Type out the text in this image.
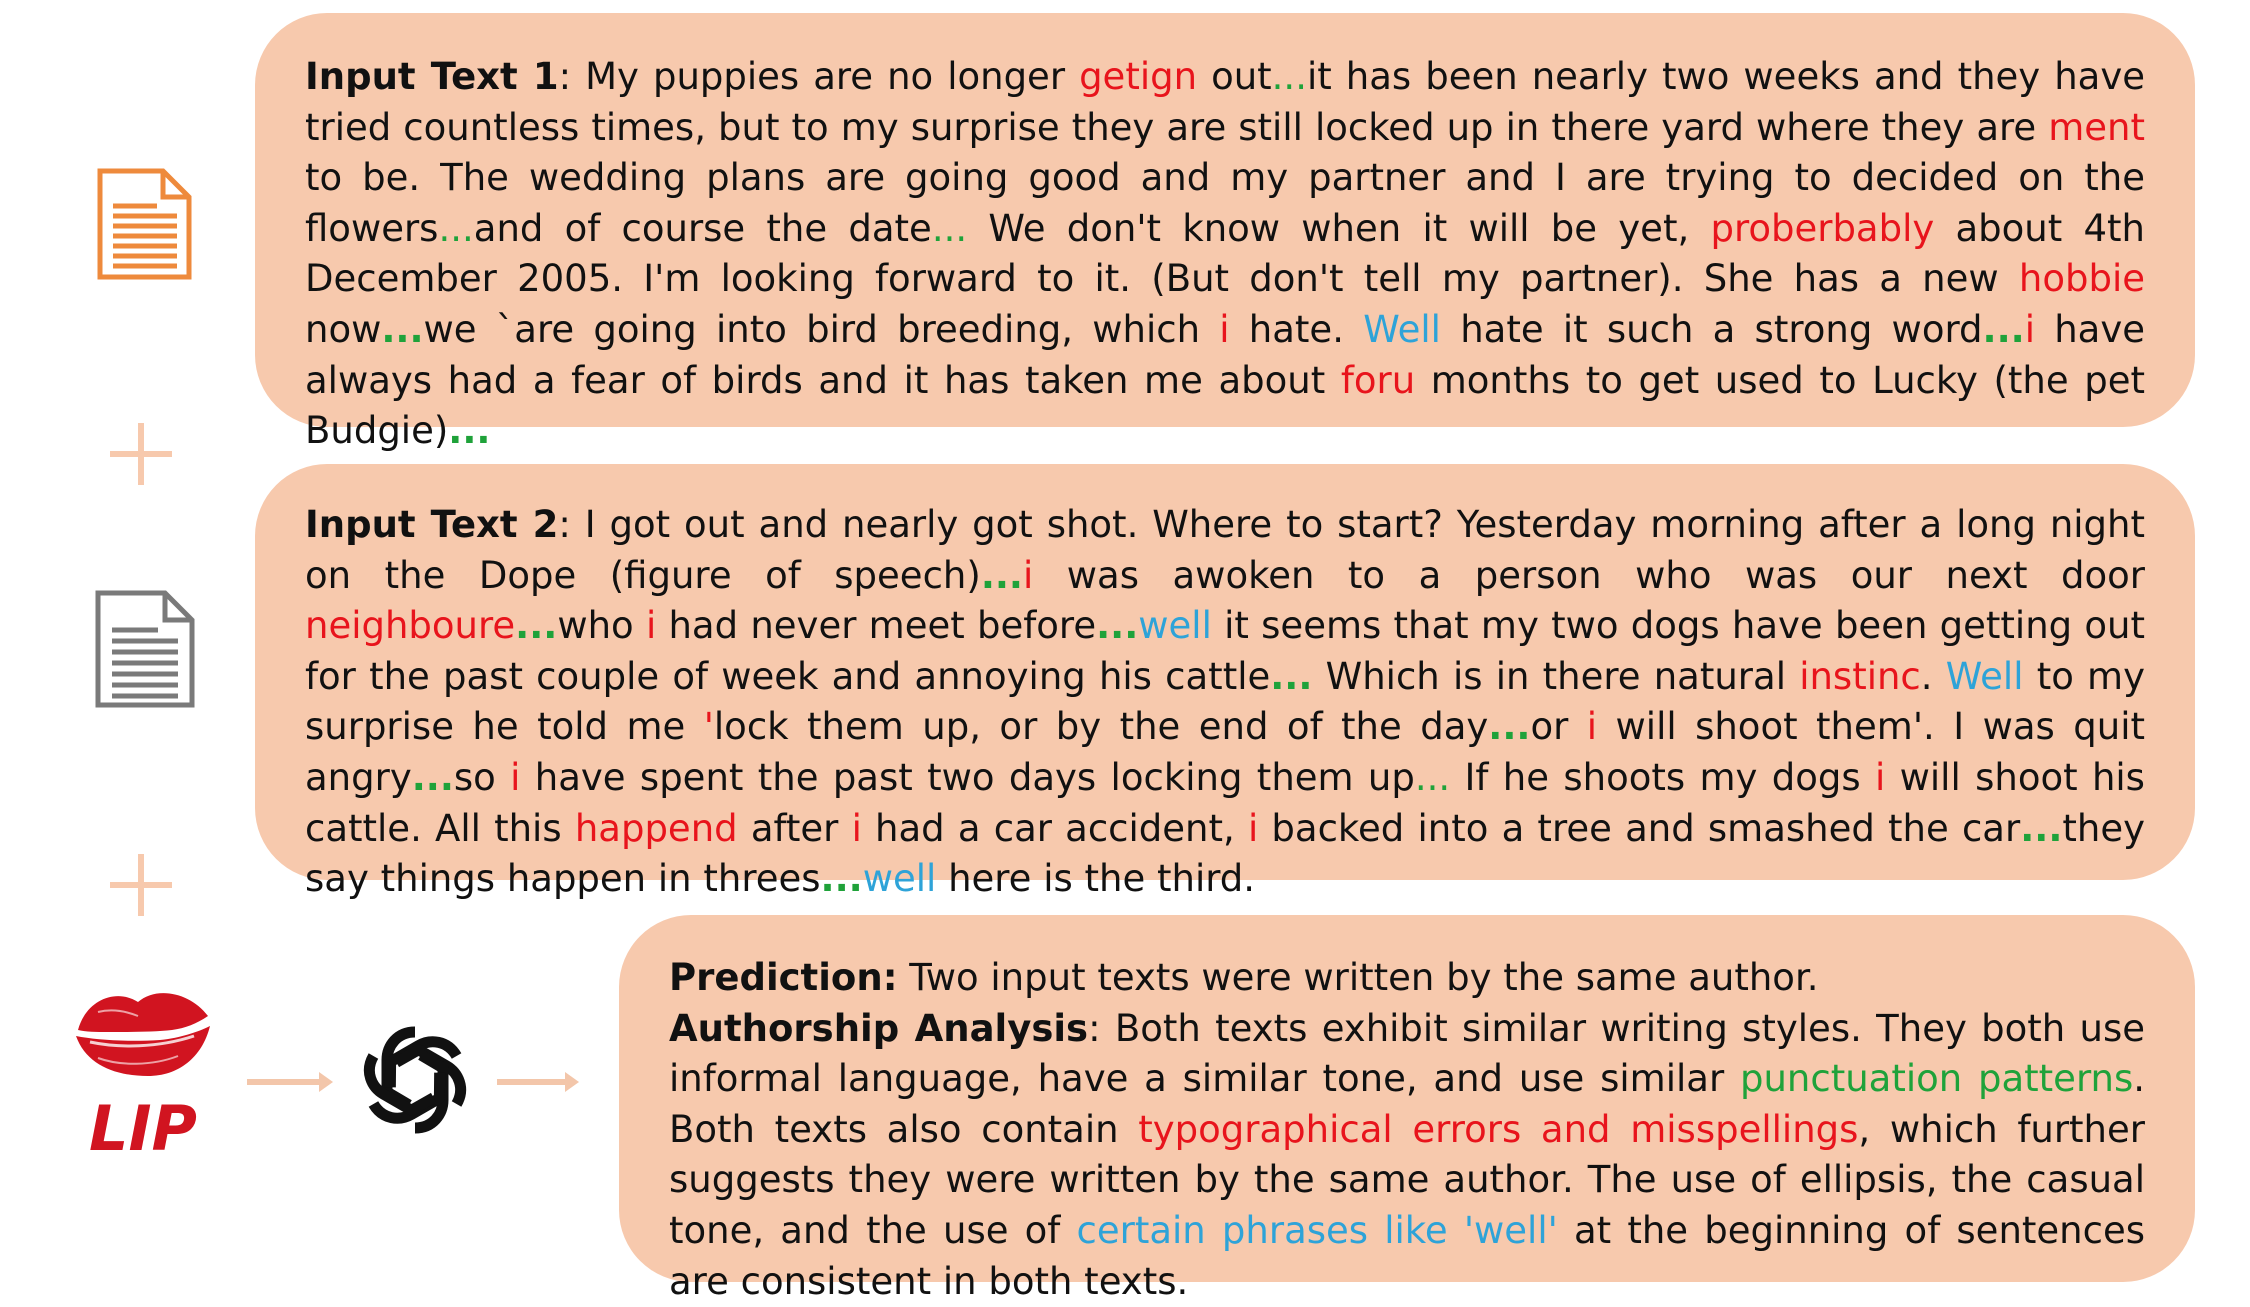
LIP
Input Text 1: My puppies are no longer getign out...it has been nearly two weeks and they have tried countless times, but to my surprise they are still locked up in there yard where they are ment to be. The wedding plans are going good and my partner and I are trying to decided on the flowers...and of course the date... We don't know when it will be yet, proberbably about 4th December 2005. I'm looking forward to it. (But don't tell my partner). She has a new hobbie now...we `are going into bird breeding, which i hate. Well hate it such a strong word...i have always had a fear of birds and it has taken me about foru months to get used to Lucky (the pet Budgie)...
Input Text 2: I got out and nearly got shot. Where to start? Yesterday morning after a long night on the Dope (figure of speech)...i was awoken to a person who was our next door neighboure...who i had never meet before...well it seems that my two dogs have been getting out for the past couple of week and annoying his cattle... Which is in there natural instinc. Well to my surprise he told me 'lock them up, or by the end of the day...or i will shoot them'. I was quit angry...so i have spent the past two days locking them up... If he shoots my dogs i will shoot his cattle. All this happend after i had a car accident, i backed into a tree and smashed the car...they say things happen in threes...well here is the third.
Prediction: Two input texts were written by the same author.
Authorship Analysis: Both texts exhibit similar writing styles. They both use informal language, have a similar tone, and use similar punctuation patterns. Both texts also contain typographical errors and misspellings, which further suggests they were written by the same author. The use of ellipsis, the casual tone, and the use of certain phrases like 'well' at the beginning of sentences are consistent in both texts.
